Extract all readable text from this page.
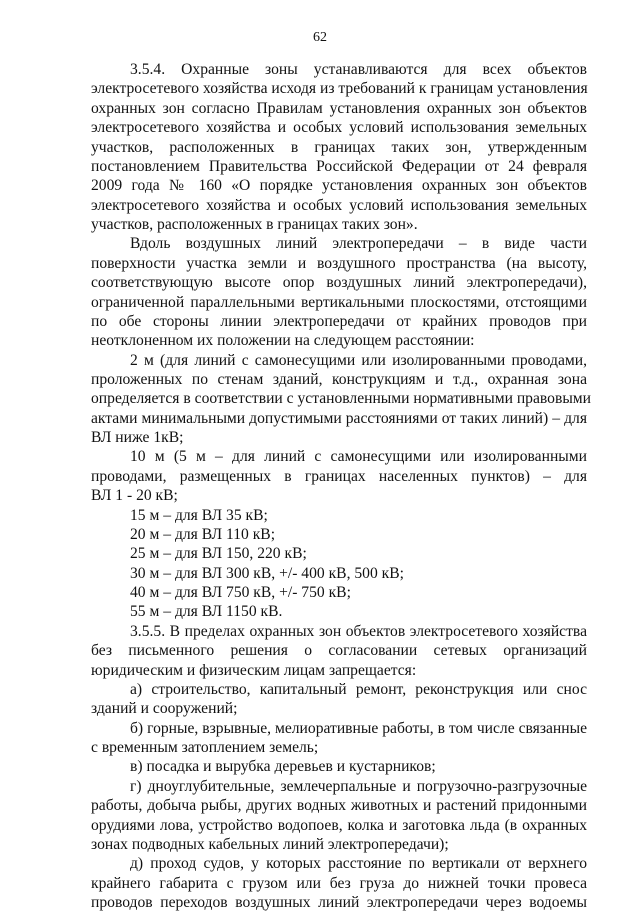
62
3.5.4. Охранные зоны устанавливаются для всех объектов
электросетевого хозяйства исходя из требований к границам установления
охранных зон согласно Правилам установления охранных зон объектов
электросетевого хозяйства и особых условий использования земельных
участков, расположенных в границах таких зон, утвержденным
постановлением Правительства Российской Федерации от 24 февраля
2009 года № 160 «О порядке установления охранных зон объектов
электросетевого хозяйства и особых условий использования земельных
участков, расположенных в границах таких зон».
Вдоль воздушных линий электропередачи – в виде части
поверхности участка земли и воздушного пространства (на высоту,
соответствующую высоте опор воздушных линий электропередачи),
ограниченной параллельными вертикальными плоскостями, отстоящими
по обе стороны линии электропередачи от крайних проводов при
неотклоненном их положении на следующем расстоянии:
2 м (для линий с самонесущими или изолированными проводами,
проложенных по стенам зданий, конструкциям и т.д., охранная зона
определяется в соответствии с установленными нормативными правовыми
актами минимальными допустимыми расстояниями от таких линий) – для
ВЛ ниже 1кВ;
10 м (5 м – для линий с самонесущими или изолированными
проводами, размещенных в границах населенных пунктов) – для
ВЛ 1 - 20 кВ;
15 м – для ВЛ 35 кВ;
20 м – для ВЛ 110 кВ;
25 м – для ВЛ 150, 220 кВ;
30 м – для ВЛ 300 кВ, +/- 400 кВ, 500 кВ;
40 м – для ВЛ 750 кВ, +/- 750 кВ;
55 м – для ВЛ 1150 кВ.
3.5.5. В пределах охранных зон объектов электросетевого хозяйства
без письменного решения о согласовании сетевых организаций
юридическим и физическим лицам запрещается:
а) строительство, капитальный ремонт, реконструкция или снос
зданий и сооружений;
б) горные, взрывные, мелиоративные работы, в том числе связанные
с временным затоплением земель;
в) посадка и вырубка деревьев и кустарников;
г) дноуглубительные, землечерпальные и погрузочно-разгрузочные
работы, добыча рыбы, других водных животных и растений придонными
орудиями лова, устройство водопоев, колка и заготовка льда (в охранных
зонах подводных кабельных линий электропередачи);
д) проход судов, у которых расстояние по вертикали от верхнего
крайнего габарита с грузом или без груза до нижней точки провеса
проводов переходов воздушных линий электропередачи через водоемы
